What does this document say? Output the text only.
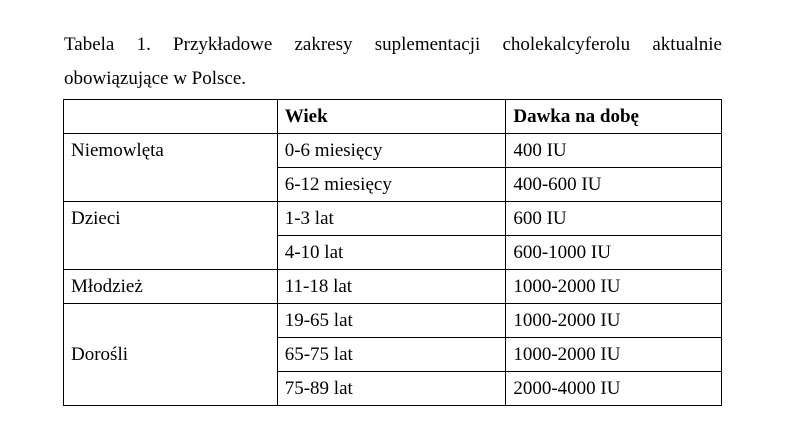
Tabela 1. Przykładowe zakresy suplementacji cholekalcyferolu aktualnie obowiązujące w Polsce.
	Wiek	Dawka na dobę
Niemowlęta	0-6 miesięcy	400 IU
	6-12 miesięcy	400-600 IU
Dzieci	1-3 lat	600 IU
	4-10 lat	600-1000 IU
Młodzież	11-18 lat	1000-2000 IU
Dorośli	19-65 lat	1000-2000 IU
	65-75 lat	1000-2000 IU
	75-89 lat	2000-4000 IU
